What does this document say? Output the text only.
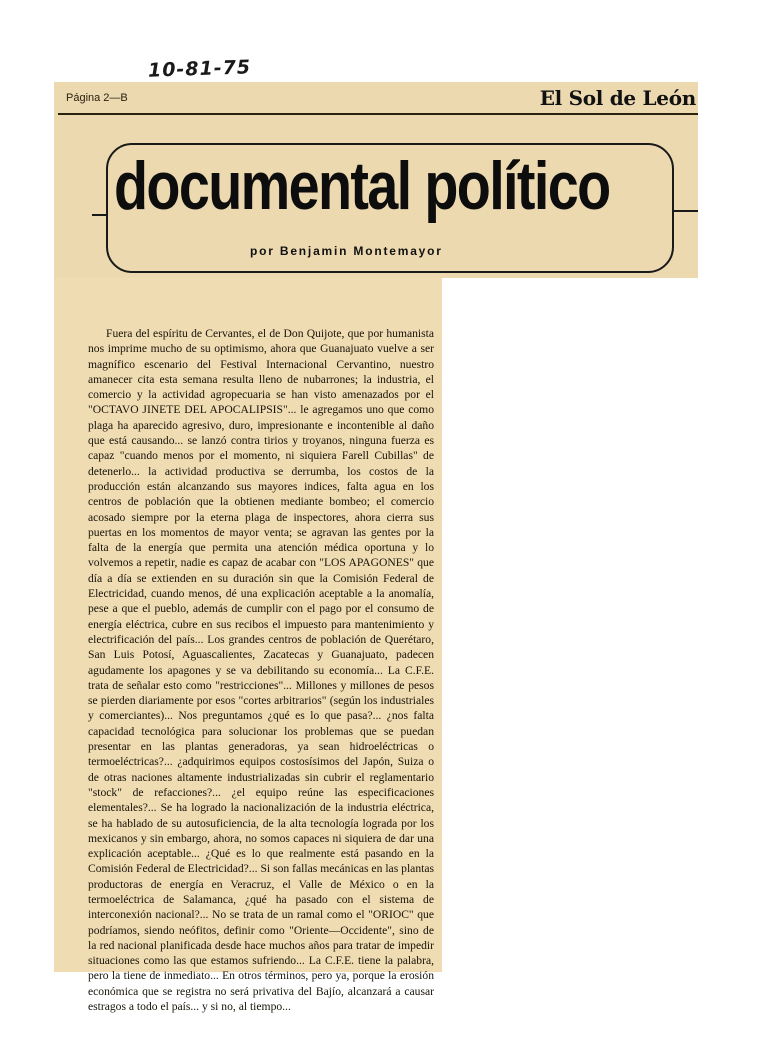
10-81-75
Página 2—B	El Sol de León
documental político
por Benjamin Montemayor

Fuera del espíritu de Cervantes, el de Don Quijote, que por humanista nos imprime mucho de su optimismo, ahora que Guanajuato vuelve a ser magnífico escenario del Festival Internacional Cervantino, nuestro amanecer cita esta semana resulta lleno de nubarrones; la industria, el comercio y la actividad agropecuaria se han visto amenazados por el "OCTAVO JINETE DEL APOCALIPSIS"... le agregamos uno que como plaga ha aparecido agresivo, duro, impresionante e incontenible al daño que está causando... se lanzó contra tirios y troyanos, ninguna fuerza es capaz "cuando menos por el momento, ni siquiera Farell Cubillas" de detenerlo... la actividad productiva se derrumba, los costos de la producción están alcanzando sus mayores indices, falta agua en los centros de población que la obtienen mediante bombeo; el comercio acosado siempre por la eterna plaga de inspectores, ahora cierra sus puertas en los momentos de mayor venta; se agravan las gentes por la falta de la energía que permita una atención médica oportuna y lo volvemos a repetir, nadie es capaz de acabar con "LOS APAGONES" que día a día se extienden en su duración sin que la Comisión Federal de Electricidad, cuando menos, dé una explicación aceptable a la anomalía, pese a que el pueblo, además de cumplir con el pago por el consumo de energía eléctrica, cubre en sus recibos el impuesto para mantenimiento y electrificación del país... Los grandes centros de población de Querétaro, San Luis Potosí, Aguascalientes, Zacatecas y Guanajuato, padecen agudamente los apagones y se va debilitando su economía... La C.F.E. trata de señalar esto como "restricciones"... Millones y millones de pesos se pierden diariamente por esos "cortes arbitrarios" (según los industriales y comerciantes)... Nos preguntamos ¿qué es lo que pasa?... ¿nos falta capacidad tecnológica para solucionar los problemas que se puedan presentar en las plantas generadoras, ya sean hidroeléctricas o termoeléctricas?... ¿adquirimos equipos costosísimos del Japón, Suiza o de otras naciones altamente industrializadas sin cubrir el reglamentario "stock" de refacciones?... ¿el equipo reúne las especificaciones elementales?... Se ha logrado la nacionalización de la industria eléctrica, se ha hablado de su autosuficiencia, de la alta tecnología lograda por los mexicanos y sin embargo, ahora, no somos capaces ni siquiera de dar una explicación aceptable... ¿Qué es lo que realmente está pasando en la Comisión Federal de Electricidad?... Si son fallas mecánicas en las plantas productoras de energía en Veracruz, el Valle de México o en la termoeléctrica de Salamanca, ¿qué ha pasado con el sistema de interconexión nacional?... No se trata de un ramal como el "ORIOC" que podríamos, siendo neófitos, definir como "Oriente—Occidente", sino de la red nacional planificada desde hace muchos años para tratar de impedir situaciones como las que estamos sufriendo... La C.F.E. tiene la palabra, pero la tiene de inmediato... En otros términos, pero ya, porque la erosión económica que se registra no será privativa del Bajío, alcanzará a causar estragos a todo el país... y si no, al tiempo...
